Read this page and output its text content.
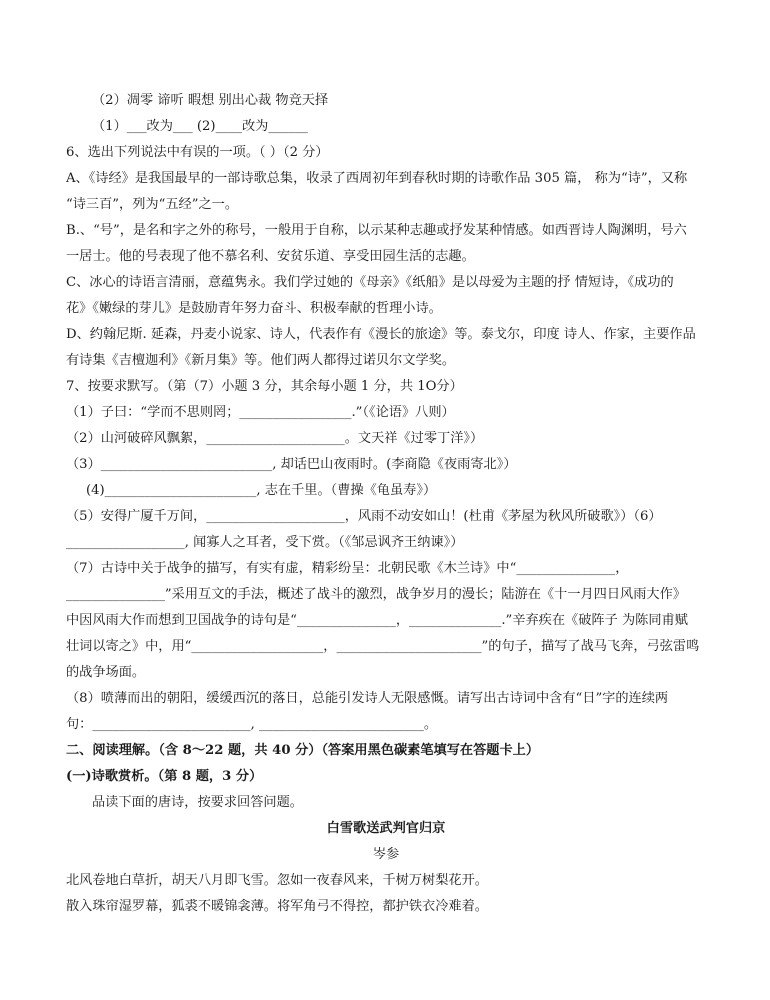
（2）凋零 谛听 暇想 别出心裁 物竞天择
（1）___改为___ (2)____改为______
6、选出下列说法中有误的一项。（ ）（2 分）
A、《诗经》是我国最早的一部诗歌总集，收录了西周初年到春秋时期的诗歌作品 305 篇， 称为“诗”，又称
“诗三百”，列为“五经”之一。
B.、“号”，是名和字之外的称号，一般用于自称，以示某种志趣或抒发某种情感。如西晋诗人陶渊明，号六
一居士。他的号表现了他不慕名利、安贫乐道、享受田园生活的志趣。
C、冰心的诗语言清丽，意蕴隽永。我们学过她的《母亲》《纸船》是以母爱为主题的抒 情短诗，《成功的
花》《嫩绿的芽儿》是鼓励青年努力奋斗、积极奉献的哲理小诗。
D、约翰尼斯. 延森，丹麦小说家、诗人，代表作有《漫长的旅途》等。泰戈尔，印度 诗人、作家，主要作品
有诗集《吉檀迦利》《新月集》等。他们两人都得过诺贝尔文学奖。
7、按要求默写。（第（7）小题 3 分，其余每小题 1 分，共 1O分）
（1）子曰：“学而不思则罔；_________________.”（《论语》八则）
（2）山河破碎风飘絮，_____________________。文天祥《过零丁洋》）
（3）__________________________, 却话巴山夜雨时。(李商隐《夜雨寄北》）
(4)_______________________, 志在千里。（曹操《龟虽寿》）
（5）安得广厦千万间，_____________________，风雨不动安如山！(杜甫《茅屋为秋风所破歌》）（6）
__________________, 闻寡人之耳者，受下赏。（《邹忌讽齐王纳谏》）
（7）古诗中关于战争的描写，有实有虚，精彩纷呈：北朝民歌《木兰诗》中“_______________，
_______________”采用互文的手法，概述了战斗的激烈，战争岁月的漫长；陆游在《十一月四日风雨大作》
中因风雨大作而想到卫国战争的诗句是“_______________，______________.”辛弃疾在《破阵子 为陈同甫赋
壮词以寄之》中，用“____________________，______________________”的句子，描写了战马飞奔，弓弦雷鸣
的战争场面。
（8）喷薄而出的朝阳，缓缓西沉的落日，总能引发诗人无限感慨。请写出古诗词中含有“日”字的连续两
句：________________________, _________________________。
二、阅读理解。（含 8～22 题，共 40 分）（答案用黑色碳素笔填写在答题卡上）
(一)诗歌赏析。（第 8 题，3 分）
品读下面的唐诗，按要求回答问题。
白雪歌送武判官归京
岑参
北风卷地白草折，胡天八月即飞雪。忽如一夜春风来，千树万树梨花开。
散入珠帘湿罗幕，狐裘不暖锦衾薄。将军角弓不得控，都护铁衣冷难着。
